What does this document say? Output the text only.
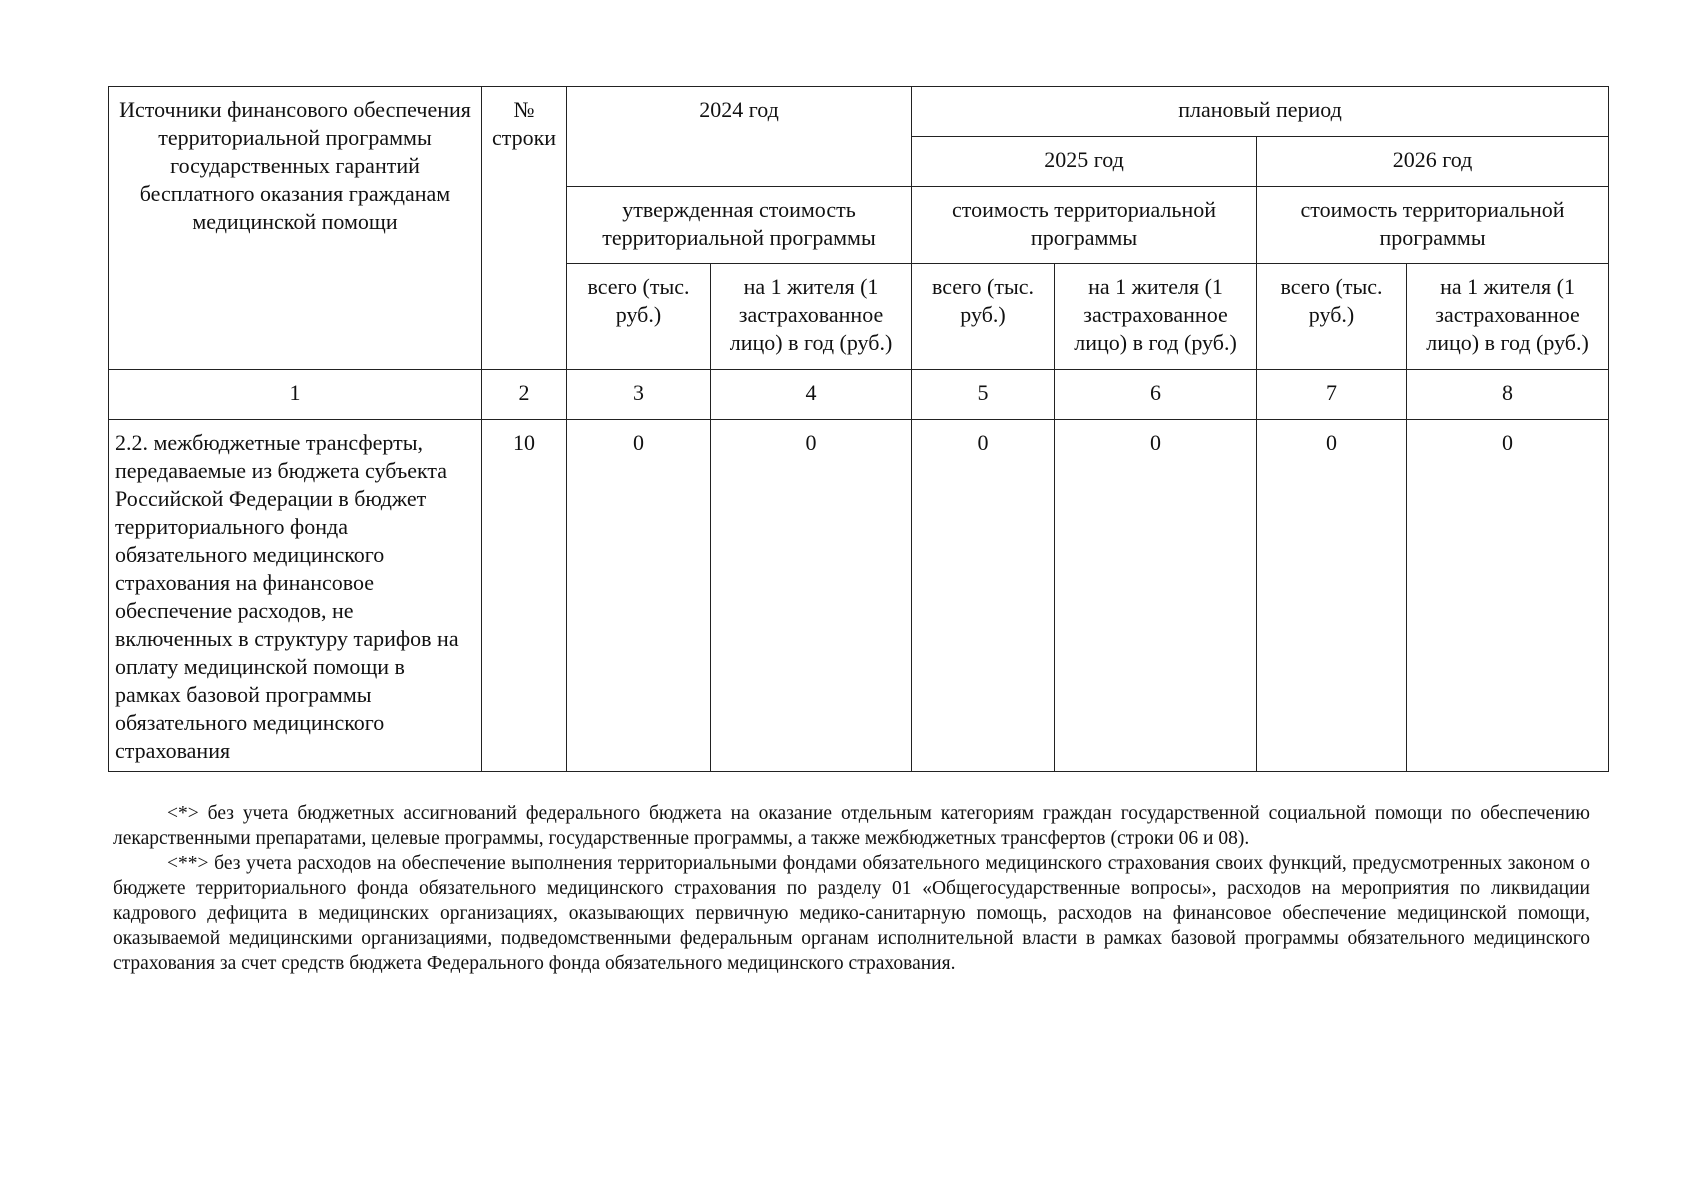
Источники финансового обеспечения территориальной программы государственных гарантий бесплатного оказания гражданам медицинской помощи	№ строки	2024 год		плановый период			
				2025 год		2026 год	
		утвержденная стоимость территориальной программы		стоимость территориальной программы		стоимость территориальной программы	
		всего (тыс. руб.)	на 1 жителя (1 застрахованное лицо) в год (руб.)	всего (тыс. руб.)	на 1 жителя (1 застрахованное лицо) в год (руб.)	всего (тыс. руб.)	на 1 жителя (1 застрахованное лицо) в год (руб.)
1	2	3	4	5	6	7	8
2.2. межбюджетные трансферты, передаваемые из бюджета субъекта Российской Федерации в бюджет территориального фонда обязательного медицинского страхования на финансовое обеспечение расходов, не включенных в структуру тарифов на оплату медицинской помощи в рамках базовой программы обязательного медицинского страхования	10	0	0	0	0	0	0

<*> без учета бюджетных ассигнований федерального бюджета на оказание отдельным категориям граждан государственной социальной помощи по обеспечению лекарственными препаратами, целевые программы, государственные программы, а также межбюджетных трансфертов (строки 06 и 08).

<**> без учета расходов на обеспечение выполнения территориальными фондами обязательного медицинского страхования своих функций, предусмотренных законом о бюджете территориального фонда обязательного медицинского страхования по разделу 01 «Общегосударственные вопросы», расходов на мероприятия по ликвидации кадрового дефицита в медицинских организациях, оказывающих первичную медико-санитарную помощь, расходов на финансовое обеспечение медицинской помощи, оказываемой медицинскими организациями, подведомственными федеральным органам исполнительной власти в рамках базовой программы обязательного медицинского страхования за счет средств бюджета Федерального фонда обязательного медицинского страхования.
